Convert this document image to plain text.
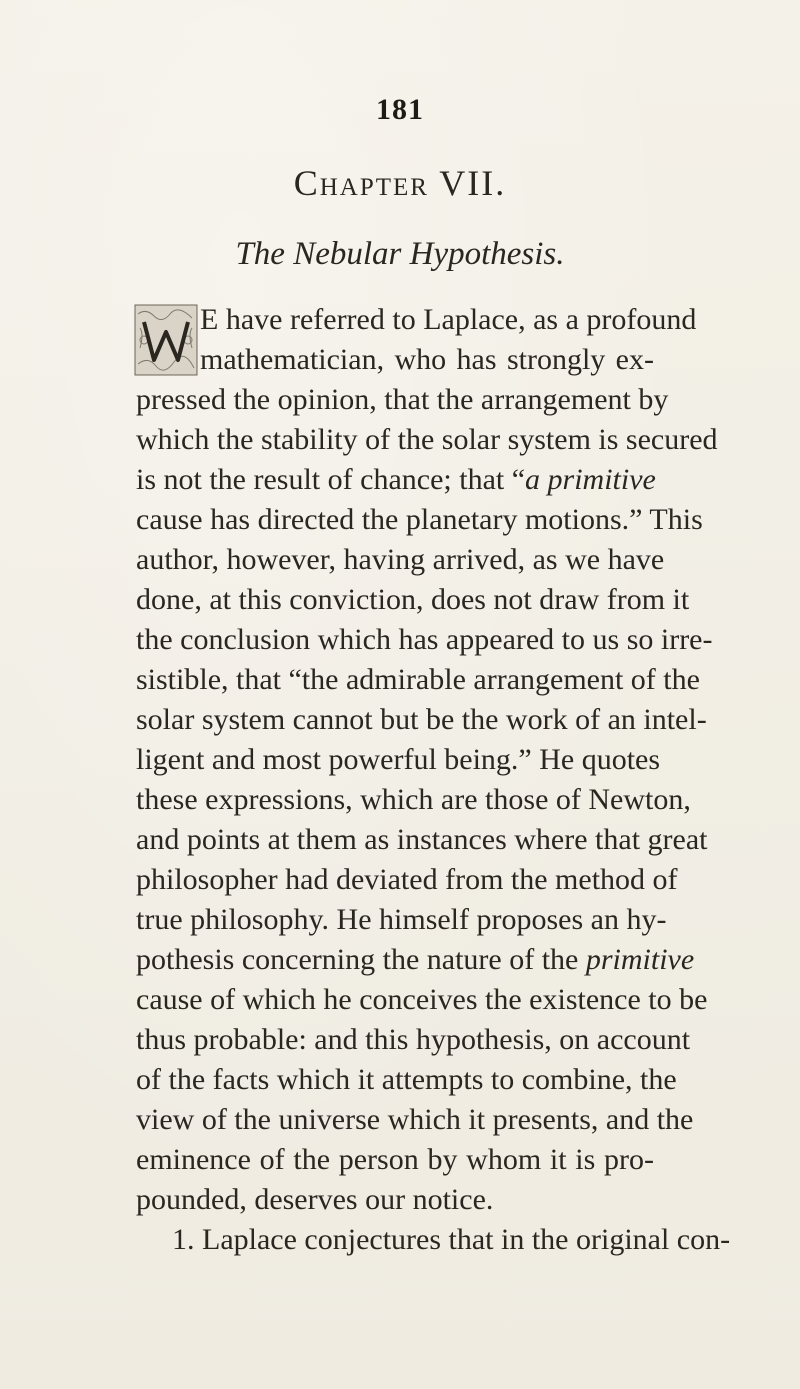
181
Chapter VII.
The Nebular Hypothesis.
E have referred to Laplace, as a profound
mathematician, who has strongly ex-
pressed the opinion, that the arrangement by
which the stability of the solar system is secured
is not the result of chance; that “a primitive
cause has directed the planetary motions.” This
author, however, having arrived, as we have
done, at this conviction, does not draw from it
the conclusion which has appeared to us so irre-
sistible, that “the admirable arrangement of the
solar system cannot but be the work of an intel-
ligent and most powerful being.” He quotes
these expressions, which are those of Newton,
and points at them as instances where that great
philosopher had deviated from the method of
true philosophy. He himself proposes an hy-
pothesis concerning the nature of the primitive
cause of which he conceives the existence to be
thus probable: and this hypothesis, on account
of the facts which it attempts to combine, the
view of the universe which it presents, and the
eminence of the person by whom it is pro-
pounded, deserves our notice.
1. Laplace conjectures that in the original con-
